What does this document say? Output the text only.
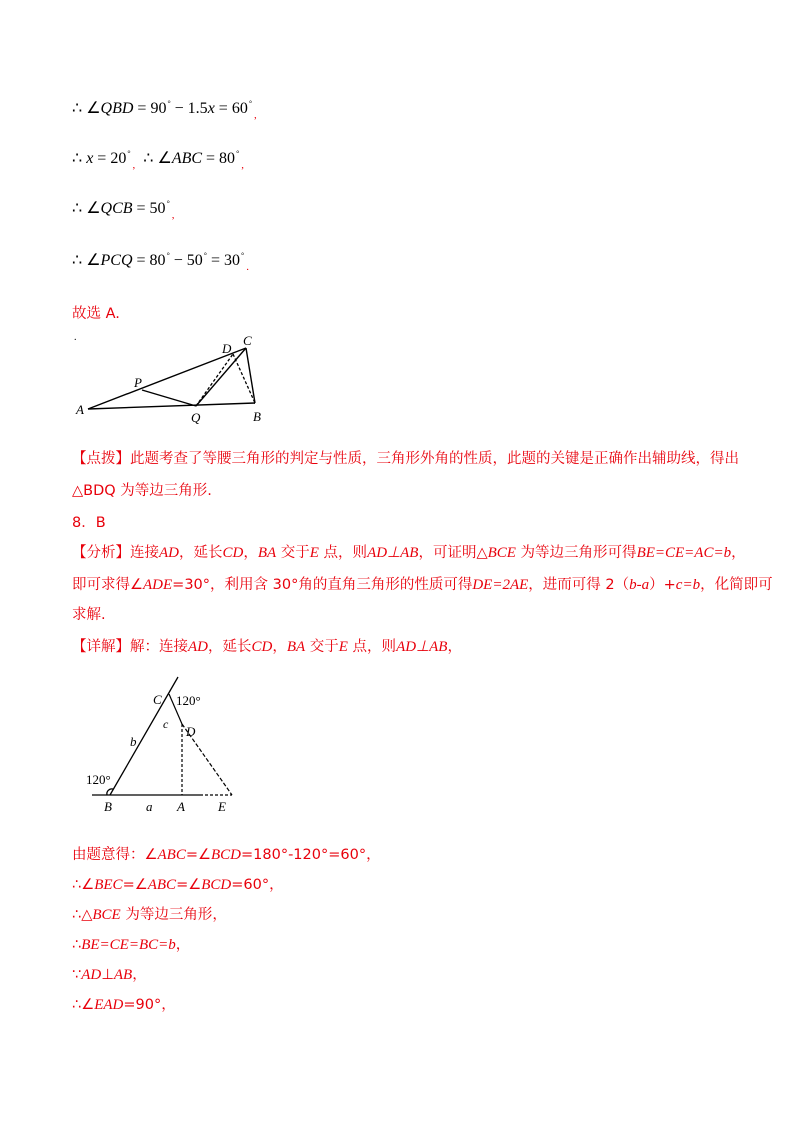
∴ ∠QBD = $90^\circ - 1.5x = 60^\circ_,$
∴ $x = 20^\circ_,$ ∴ ∠ABC = $80^\circ_,$
∴ ∠QCB = $50^\circ_,$
∴ ∠PCQ = $80^\circ - 50^\circ = 30^\circ_.$
故选 A.
A
P
Q	B
D
C
.
【点拨】此题考查了等腰三角形的判定与性质，三角形外角的性质，此题的关键是正确作出辅助线，得出
△BDQ 为等边三角形.
8．B
【分析】连接AD，延长CD，BA 交于E 点，则AD⊥AB，可证明△BCE 为等边三角形可得BE=CE=AC=b，
即可求得∠ADE=30°，利用含 30°角的直角三角形的性质可得DE=2AE，进而可得 2（b-a）+c=b，化简即可
求解.
【详解】解：连接AD，延长CD，BA 交于E 点，则AD⊥AB，
C 120°
D
c
b
120°
B	a A	E
由题意得：∠ABC=∠BCD=180°-120°=60°，
∴∠BEC=∠ABC=∠BCD=60°，
∴△BCE 为等边三角形，
∴BE=CE=BC=b，
∵AD⊥AB，
∴∠EAD=90°，
